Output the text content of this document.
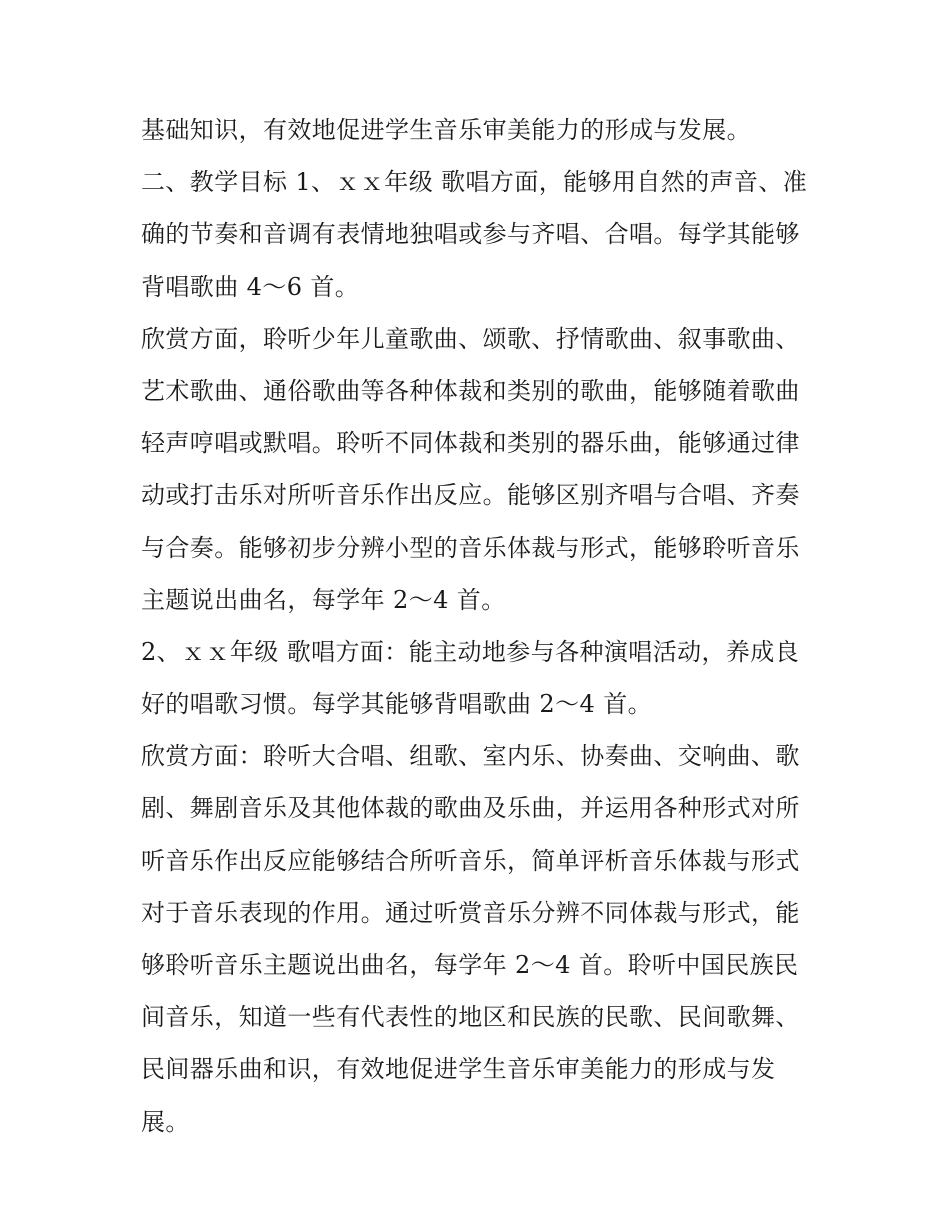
基础知识，有效地促进学生音乐审美能力的形成与发展。
二、教学目标 1、ｘｘ年级 歌唱方面，能够用自然的声音、准
确的节奏和音调有表情地独唱或参与齐唱、合唱。每学其能够
背唱歌曲 4～6 首。
欣赏方面，聆听少年儿童歌曲、颂歌、抒情歌曲、叙事歌曲、
艺术歌曲、通俗歌曲等各种体裁和类别的歌曲，能够随着歌曲
轻声哼唱或默唱。聆听不同体裁和类别的器乐曲，能够通过律
动或打击乐对所听音乐作出反应。能够区别齐唱与合唱、齐奏
与合奏。能够初步分辨小型的音乐体裁与形式，能够聆听音乐
主题说出曲名，每学年 2～4 首。
2、ｘｘ年级 歌唱方面：能主动地参与各种演唱活动，养成良
好的唱歌习惯。每学其能够背唱歌曲 2～4 首。
欣赏方面：聆听大合唱、组歌、室内乐、协奏曲、交响曲、歌
剧、舞剧音乐及其他体裁的歌曲及乐曲，并运用各种形式对所
听音乐作出反应能够结合所听音乐，简单评析音乐体裁与形式
对于音乐表现的作用。通过听赏音乐分辨不同体裁与形式，能
够聆听音乐主题说出曲名，每学年 2～4 首。聆听中国民族民
间音乐，知道一些有代表性的地区和民族的民歌、民间歌舞、
民间器乐曲和识，有效地促进学生音乐审美能力的形成与发
展。
